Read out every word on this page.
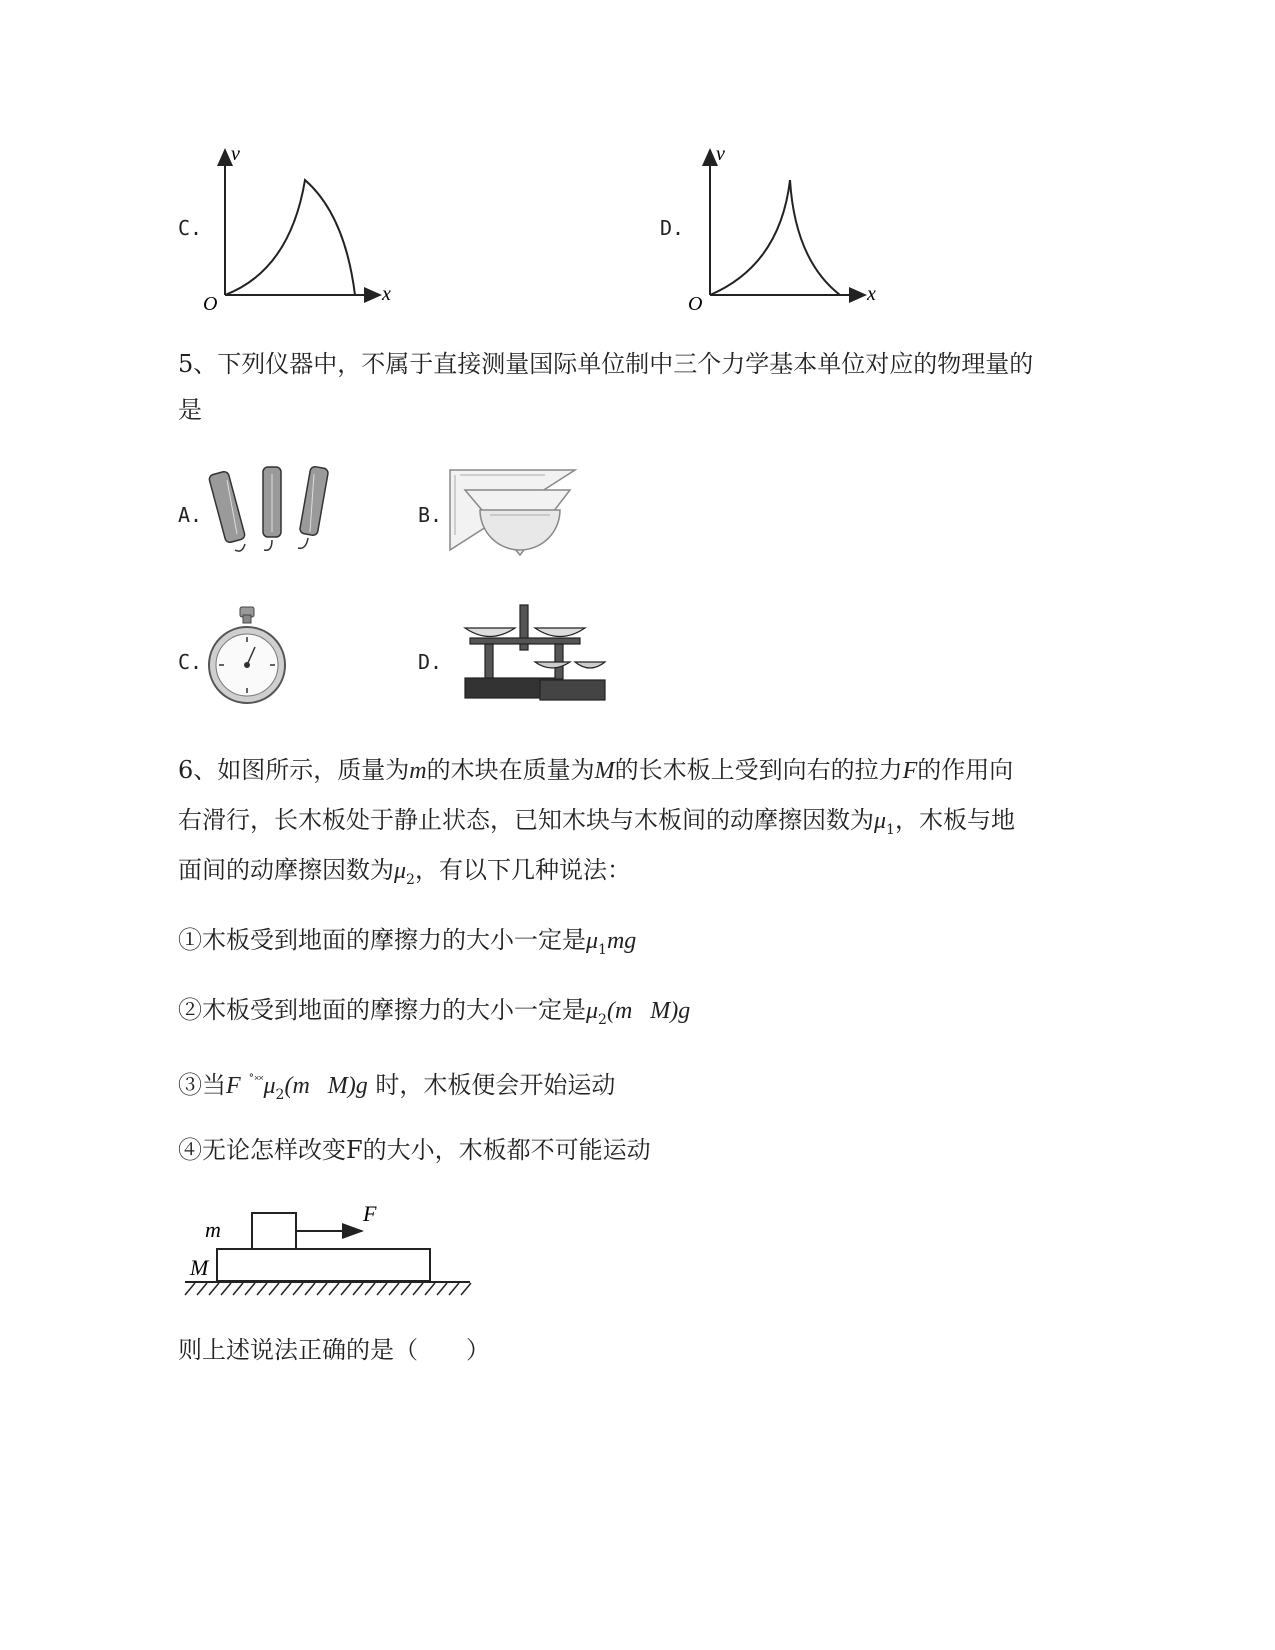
C.
v
x
O
D.
v
x
O
5、下列仪器中，不属于直接测量国际单位制中三个力学基本单位对应的物理量的
是
A.	B.
C.	D.
6、如图所示，质量为m的木块在质量为M的长木板上受到向右的拉力F的作用向
右滑行，长木板处于静止状态，已知木块与木板间的动摩擦因数为$\mu_1$，木板与地
面间的动摩擦因数为$\mu_2$，有以下几种说法：
①木板受到地面的摩擦力的大小一定是$\mu_1mg$
②木板受到地面的摩擦力的大小一定是$\mu_2(m$   M)g
③当F $^{˚˟˟}\mu_2(m$   M)g 时，木板便会开始运动
④无论怎样改变F的大小，木板都不可能运动
m
M
F
则上述说法正确的是（　　）
